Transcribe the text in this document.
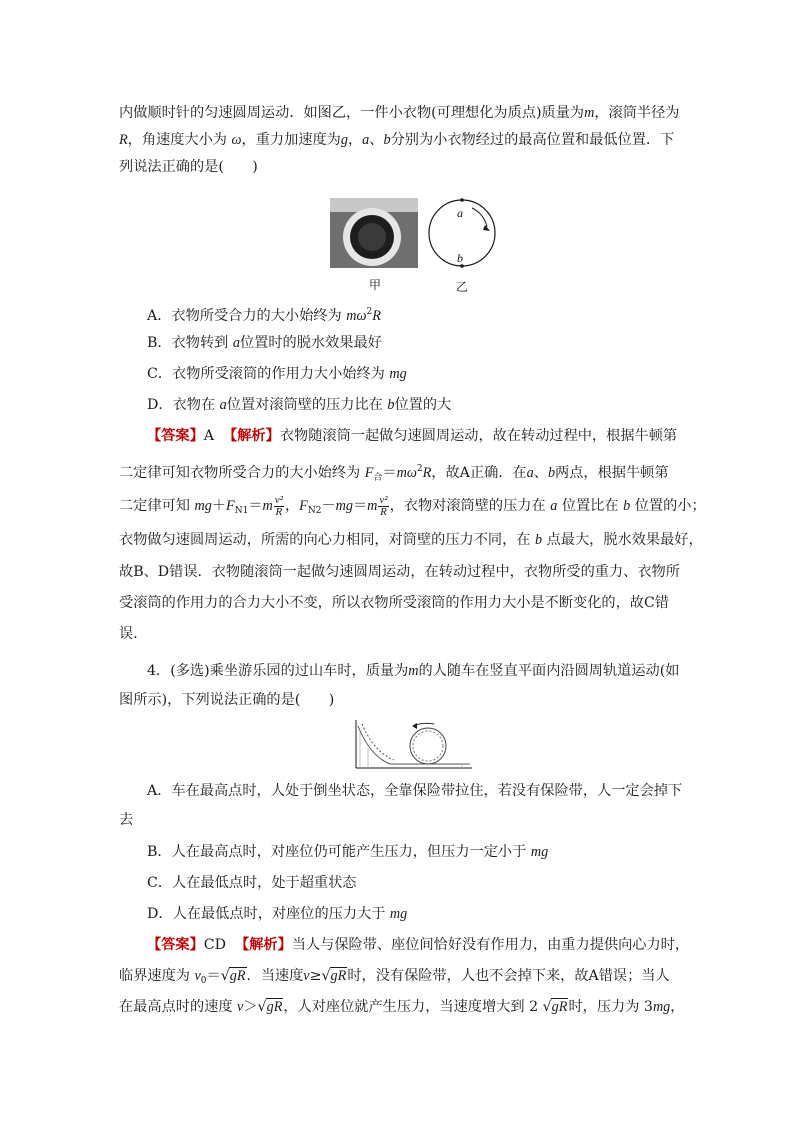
内做顺时针的匀速圆周运动．如图乙，一件小衣物(可理想化为质点)质量为m，滚筒半径为
R，角速度大小为 ω，重力加速度为g，a、b分别为小衣物经过的最高位置和最低位置．下
列说法正确的是(　　)
a
b
甲	乙
A．衣物所受合力的大小始终为 $m\omega^2R$
B．衣物转到 a位置时的脱水效果最好
C．衣物所受滚筒的作用力大小始终为 mg
D．衣物在 a位置对滚筒壁的压力比在 b位置的大
【答案】A 【解析】衣物随滚筒一起做匀速圆周运动，故在转动过程中，根据牛顿第
二定律可知衣物所受合力的大小始终为 $F_合=m\omega^2R$，故A正确．在a、b两点，根据牛顿第
二定律可知 $mg+F_{N1}=m \frac{\text{v²}}{R}$ ，$F_{N2}-mg=m \frac{\text{v²}}{R}$ ，衣物对滚筒壁的压力在 a 位置比在 b 位置的小；
衣物做匀速圆周运动，所需的向心力相同，对筒壁的压力不同，在 b 点最大，脱水效果最好，
故B、D错误．衣物随滚筒一起做匀速圆周运动，在转动过程中，衣物所受的重力、衣物所
受滚筒的作用力的合力大小不变，所以衣物所受滚筒的作用力大小是不断变化的，故C错
误．
4．(多选)乘坐游乐园的过山车时，质量为m的人随车在竖直平面内沿圆周轨道运动(如
图所示)，下列说法正确的是(　　)
A．车在最高点时，人处于倒坐状态，全靠保险带拉住，若没有保险带，人一定会掉下
去
B．人在最高点时，对座位仍可能产生压力，但压力一定小于 mg
C．人在最低点时，处于超重状态
D．人在最低点时，对座位的压力大于 mg
【答案】CD 【解析】当人与保险带、座位间恰好没有作用力，由重力提供向心力时，
临界速度为 $v_0=√gR$．当速度v≥√gR时，没有保险带，人也不会掉下来，故A错误；当人
在最高点时的速度 v＞√gR，人对座位就产生压力，当速度增大到 2 √gR时，压力为 3mg，
